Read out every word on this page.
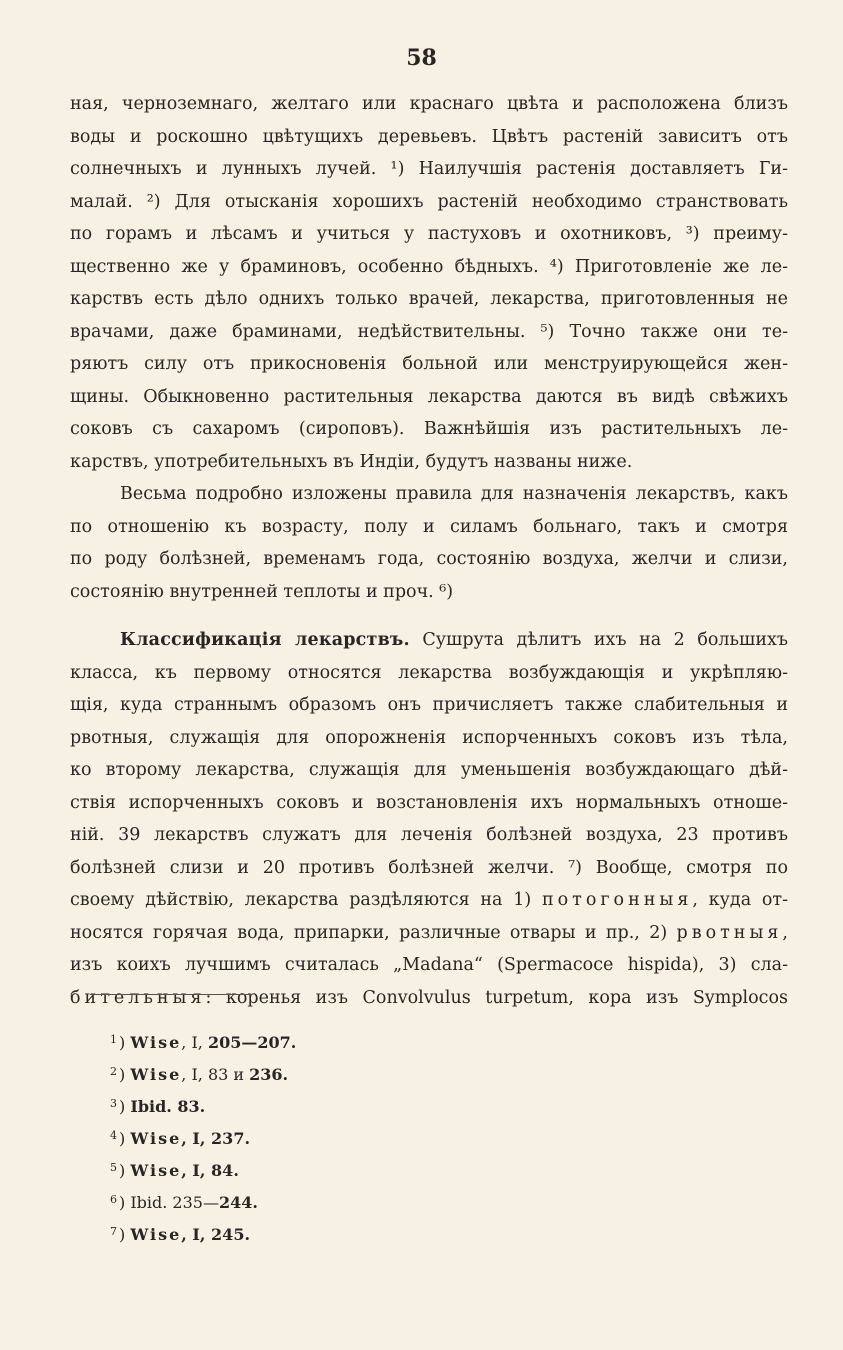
58
ная, черноземнаго, желтаго или краснаго цвѣта и расположена близъ
воды и роскошно цвѣтущихъ деревьевъ. Цвѣтъ растеній зависитъ отъ
солнечныхъ и лунныхъ лучей. ¹) Наилучшія растенія доставляетъ Ги-
малай. ²) Для отысканія хорошихъ растеній необходимо странствовать
по горамъ и лѣсамъ и учиться у пастуховъ и охотниковъ, ³) преиму-
щественно же у браминовъ, особенно бѣдныхъ. ⁴) Приготовленіе же ле-
карствъ есть дѣло однихъ только врачей, лекарства, приготовленныя не
врачами, даже браминами, недѣйствительны. ⁵) Точно также они те-
ряютъ силу отъ прикосновенія больной или менструирующейся жен-
щины. Обыкновенно растительныя лекарства даются въ видѣ свѣжихъ
соковъ съ сахаромъ (сироповъ). Важнѣйшія изъ растительныхъ ле-
карствъ, употребительныхъ въ Индіи, будутъ названы ниже.
Весьма подробно изложены правила для назначенія лекарствъ, какъ
по отношенію къ возрасту, полу и силамъ больнаго, такъ и смотря
по роду болѣзней, временамъ года, состоянію воздуха, желчи и слизи,
состоянію внутренней теплоты и проч. ⁶)
Классификація лекарствъ. Сушрута дѣлитъ ихъ на 2 большихъ
класса, къ первому относятся лекарства возбуждающія и укрѣпляю-
щія, куда страннымъ образомъ онъ причисляетъ также слабительныя и
рвотныя, служащія для опорожненія испорченныхъ соковъ изъ тѣла,
ко второму лекарства, служащія для уменьшенія возбуждающаго дѣй-
ствія испорченныхъ соковъ и возстановленія ихъ нормальныхъ отноше-
ній. 39 лекарствъ служатъ для леченія болѣзней воздуха, 23 противъ
болѣзней слизи и 20 противъ болѣзней желчи. ⁷) Вообще, смотря по
своему дѣйствію, лекарства раздѣляются на 1) потогонныя, куда от-
носятся горячая вода, припарки, различные отвары и пр., 2) рвотныя,
изъ коихъ лучшимъ считалась „Madana“ (Spermacoce hispida), 3) сла-
бительныя: коренья изъ Convolvulus turpetum, кора изъ Symplocos
$^1$ ) Wise, I, 205—207.
$^2$ ) Wise, I, 83 и 236.
$^3$ ) Ibid. 83.
$^4$ ) Wise, I, 237.
$^5$ ) Wise, I, 84.
$^6$ ) Ibid. 235—244.
$^7$ ) Wise, I, 245.
